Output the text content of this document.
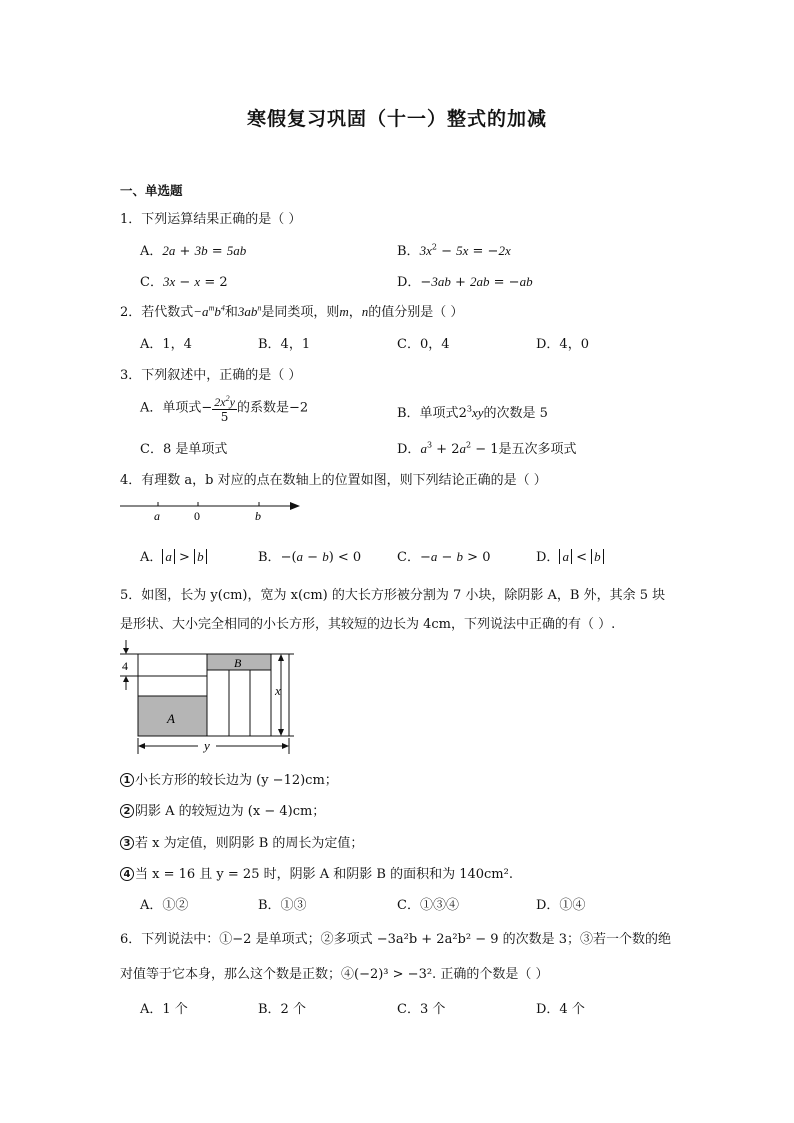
寒假复习巩固（十一）整式的加减
一、单选题
1．下列运算结果正确的是（ ）
A．2a + 3b = 5ab	B．$3x^2 - 5x = -2x$
C．3x − x = 2	D．−3ab + 2ab = −ab
2．若代数式$-a^mb^4$和$3ab^n$是同类项，则m，n的值分别是（ ）
A．1，4	B．4，1	C．0，4	D．4，0
3．下列叙述中，正确的是（ ）
A．单项式− $\frac{2x^2y}{5}$ 的系数是−2	B．单项式$2^3xy$的次数是 5
C．8 是单项式	D．$a^3 + 2a^2 - 1$是五次多项式
4．有理数 a，b 对应的点在数轴上的位置如图，则下列结论正确的是（ ）
a	0	b
A． a > b	B．−(a − b) < 0	C．−a − b > 0	D． a < b
5．如图，长为 y(cm)，宽为 x(cm) 的大长方形被分割为 7 小块，除阴影 A，B 外，其余 5 块
是形状、大小完全相同的小长方形，其较短的边长为 4cm，下列说法中正确的有（ ）.
4
x
y
A
B
1 小长方形的较长边为 (y −12)cm；
2 阴影 A 的较短边为 (x − 4)cm；
3 若 x 为定值，则阴影 B 的周长为定值；
4 当 x = 16 且 y = 25 时，阴影 A 和阴影 B 的面积和为 140cm².
A．①②	B．①③	C．①③④	D．①④
6．下列说法中：①−2 是单项式；②多项式 −3a²b + 2a²b² − 9 的次数是 3；③若一个数的绝
对值等于它本身，那么这个数是正数；④(−2)³ > −3². 正确的个数是（ ）
A．1 个	B．2 个	C．3 个	D．4 个
